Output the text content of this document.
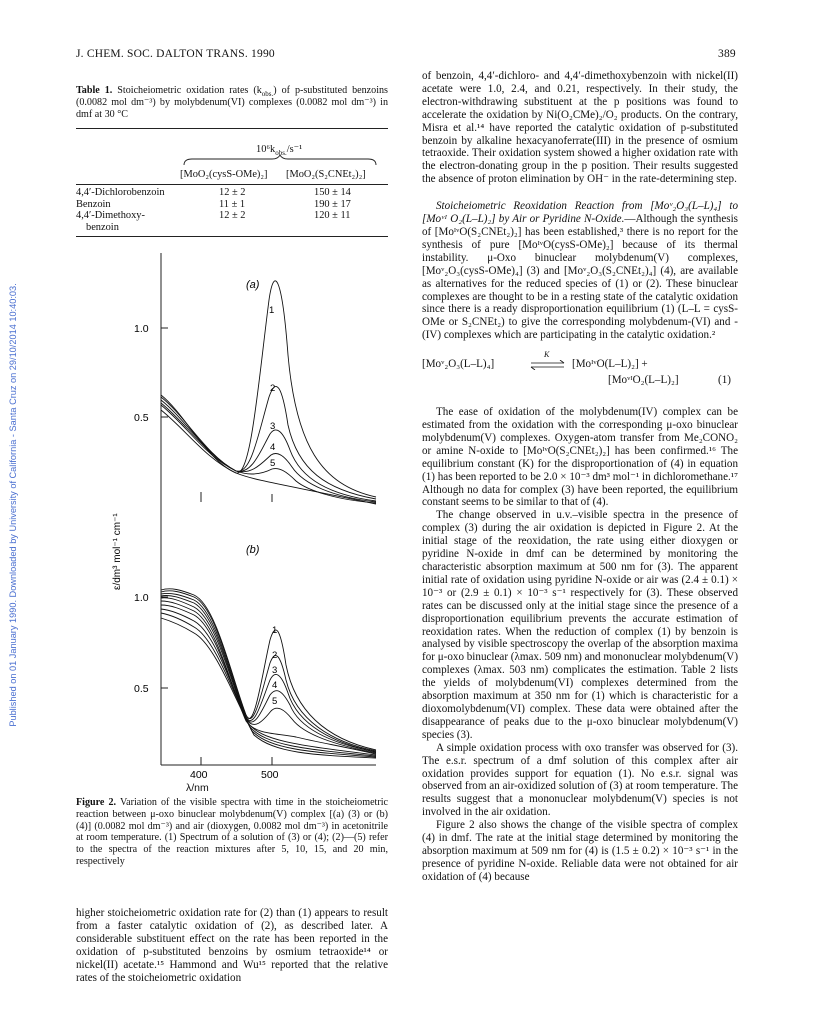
J. CHEM. SOC. DALTON TRANS. 1990	389
Published on 01 January 1990. Downloaded by University of California - Santa Cruz on 29/10/2014 10:40:03.
Table 1. Stoicheiometric oxidation rates $(k_{obs.})$ of p-substituted benzoins (0.0082 mol dm⁻³) by molybdenum(VI) complexes (0.0082 mol dm⁻³) in dmf at 30 °C
$10^6k_{obs.}/s^{-1}$
[MoO₂(cysS-OMe)₂] [MoO₂(S₂CNEt₂)₂]
4,4′-Dichlorobenzoin	12 ± 2	150 ± 14
Benzoin	11 ± 1	190 ± 17
4,4′-Dimethoxy-	12 ± 2	120 ± 11
benzoin
(a)
(b)
1.0
0.5
1.0
0.5
400	500
ε/dm³ mol⁻¹ cm⁻¹
1
2
3
4
5
1
2
3
4
5
λ/nm
Figure 2. Variation of the visible spectra with time in the stoicheiometric reaction between μ-oxo binuclear molybdenum(V) complex [(a) (3) or (b) (4)] (0.0082 mol dm⁻³) and air (dioxygen, 0.0082 mol dm⁻³) in acetonitrile at room temperature. (1) Spectrum of a solution of (3) or (4); (2)—(5) refer to the spectra of the reaction mixtures after 5, 10, 15, and 20 min, respectively

higher stoicheiometric oxidation rate for (2) than (1) appears to result from a faster catalytic oxidation of (2), as described later. A considerable substituent effect on the rate has been reported in the oxidation of p-substituted benzoins by osmium tetraoxide¹⁴ or nickel(II) acetate.¹⁵ Hammond and Wu¹⁵ reported that the relative rates of the stoicheiometric oxidation

of benzoin, 4,4′-dichloro- and 4,4′-dimethoxybenzoin with nickel(II) acetate were 1.0, 2.4, and 0.21, respectively. In their study, the electron-withdrawing substituent at the p positions was found to accelerate the oxidation by Ni(O₂CMe)₂/O₂ products. On the contrary, Misra et al.¹⁴ have reported the catalytic oxidation of p-substituted benzoin by alkaline hexacyanoferrate(III) in the presence of osmium tetraoxide. Their oxidation system showed a higher oxidation rate with the electron-donating group in the p position. Their results suggested the absence of proton elimination by OH⁻ in the rate-determining step.

Stoicheiometric Reoxidation Reaction from [Moᵛ₂O₃(L–L)₄] to [Moᵛᴵ O₂(L–L)₂] by Air or Pyridine N-Oxide.—Although the synthesis of [MoᴵᵛO(S₂CNEt₂)₂] has been established,³ there is no report for the synthesis of pure [MoᴵᵛO(cysS-OMe)₂] because of its thermal instability. μ-Oxo binuclear molybdenum(V) complexes, [Moᵛ₂O₃(cysS-OMe)₄] (3) and [Moᵛ₂O₃(S₂CNEt₂)₄] (4), are available as alternatives for the reduced species of (1) or (2). These binuclear complexes are thought to be in a resting state of the catalytic oxidation since there is a ready disproportionation equilibrium (1) (L–L = cysS-OMe or S₂CNEt₂) to give the corresponding molybdenum-(VI) and -(IV) complexes which are participating in the catalytic oxidation.²

[Moᵛ₂O₃(L–L)₄]
K
⇌ [MoᴵᵛO(L–L)₂] +
[MoᵛᴵO₂(L–L)₂]	(1)

The ease of oxidation of the molybdenum(IV) complex can be estimated from the oxidation with the corresponding μ-oxo binuclear molybdenum(V) complexes. Oxygen-atom transfer from Me₂CONO₂ or amine N-oxide to [MoᴵᵛO(S₂CNEt₂)₂] has been confirmed.¹⁶ The equilibrium constant (K) for the disproportionation of (4) in equation (1) has been reported to be 2.0 × 10⁻³ dm³ mol⁻¹ in dichloromethane.¹⁷ Although no data for complex (3) have been reported, the equilibrium constant seems to be similar to that of (4).

The change observed in u.v.–visible spectra in the presence of complex (3) during the air oxidation is depicted in Figure 2. At the initial stage of the reoxidation, the rate using either dioxygen or pyridine N-oxide in dmf can be determined by monitoring the characteristic absorption maximum at 500 nm for (3). The apparent initial rate of oxidation using pyridine N-oxide or air was (2.4 ± 0.1) × 10⁻³ or (2.9 ± 0.1) × 10⁻³ s⁻¹ respectively for (3). These observed rates can be discussed only at the initial stage since the presence of a disproportionation equilibrium prevents the accurate estimation of reoxidation rates. When the reduction of complex (1) by benzoin is analysed by visible spectroscopy the overlap of the absorption maxima for μ-oxo binuclear (λmax. 509 nm) and mononuclear molybdenum(V) complexes (λmax. 503 nm) complicates the estimation. Table 2 lists the yields of molybdenum(VI) complexes determined from the absorption maximum at 350 nm for (1) which is characteristic for a dioxomolybdenum(VI) complex. These data were obtained after the disappearance of peaks due to the μ-oxo binuclear molybdenum(V) species (3).

A simple oxidation process with oxo transfer was observed for (3). The e.s.r. spectrum of a dmf solution of this complex after air oxidation provides support for equation (1). No e.s.r. signal was observed from an air-oxidized solution of (3) at room temperature. The results suggest that a mononuclear molybdenum(V) species is not involved in the air oxidation.

Figure 2 also shows the change of the visible spectra of complex (4) in dmf. The rate at the initial stage determined by monitoring the absorption maximum at 509 nm for (4) is (1.5 ± 0.2) × 10⁻³ s⁻¹ in the presence of pyridine N-oxide. Reliable data were not obtained for air oxidation of (4) because
